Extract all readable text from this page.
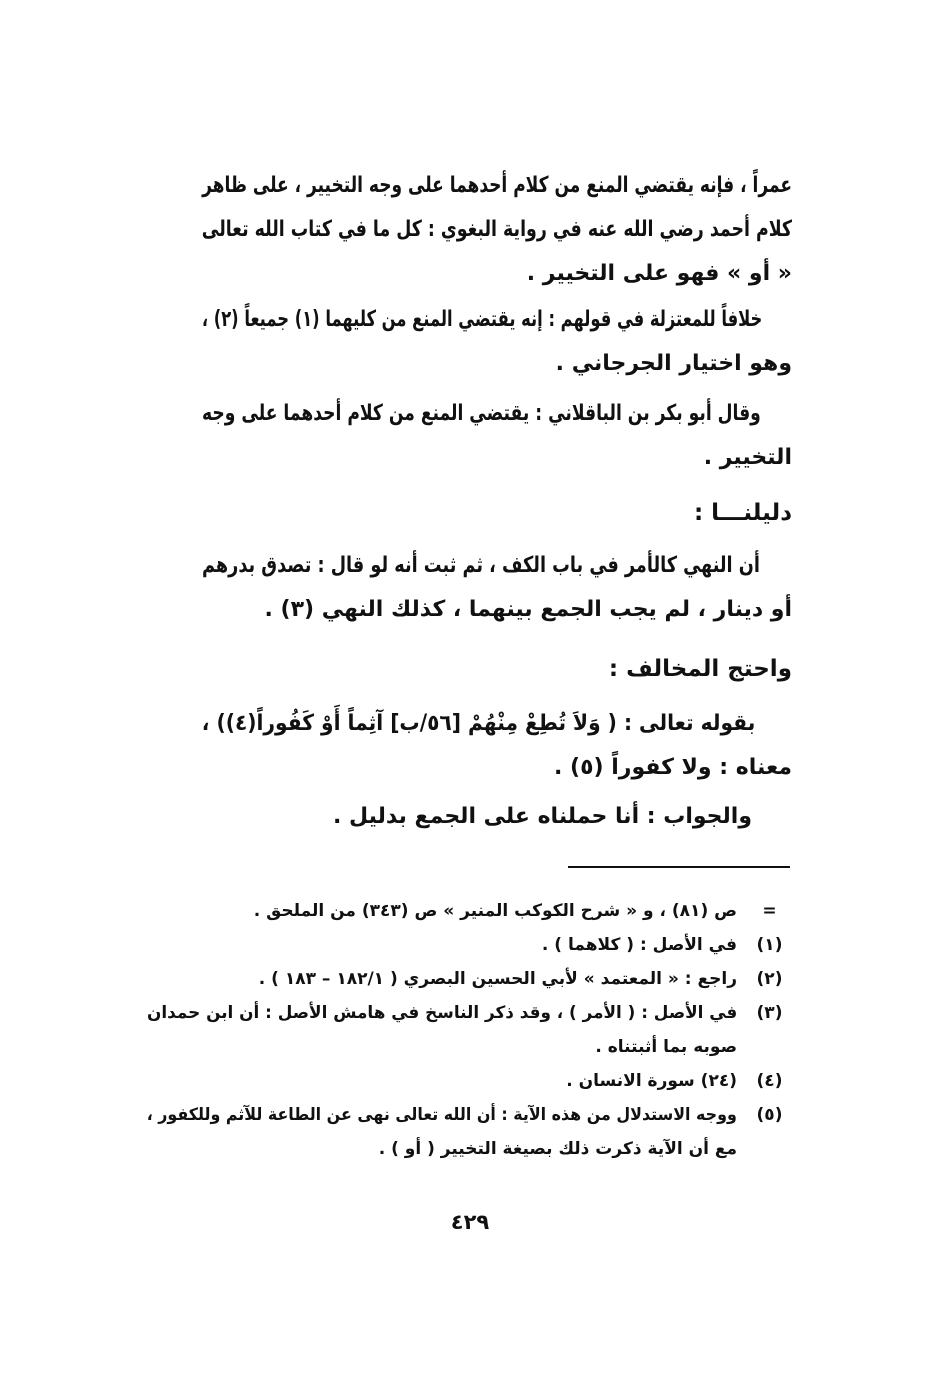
عمراً ، فإنه يقتضي المنع من كلام أحدهما على وجه التخيير ، على ظاهر
كلام أحمد رضي الله عنه في رواية البغوي : كل ما في كتاب الله تعالى
« أو » فهو على التخيير .
خلافاً للمعتزلة في قولهم : إنه يقتضي المنع من كليهما (١) جميعاً (٢) ،
وهو اختيار الجرجاني .
وقال أبو بكر بن الباقلاني : يقتضي المنع من كلام أحدهما على وجه
التخيير .
دليلنـــا :
أن النهي كالأمر في باب الكف ، ثم ثبت أنه لو قال : تصدق بدرهم
أو دينار ، لم يجب الجمع بينهما ، كذلك النهي (٣) .
واحتج المخالف :
بقوله تعالى : ( وَلاَ تُطِعْ مِنْهُمْ [٥٦/ب] آثِماً أَوْ كَفُوراً(٤)) ،
معناه : ولا كفوراً (٥) .
والجواب : أنا حملناه على الجمع بدليل .
=
ص (٨١) ، و « شرح الكوكب المنير » ص (٣٤٣) من الملحق .
(١)
في الأصل : ( كلاهما ) .
(٢)
راجع : « المعتمد » لأبي الحسين البصري ( ١٨٢/١ – ١٨٣ ) .
(٣)
في الأصل : ( الأمر ) ، وقد ذكر الناسخ في هامش الأصل : أن ابن حمدان
صوبه بما أثبتناه .
(٤)
(٢٤) سورة الانسان .
(٥)
ووجه الاستدلال من هذه الآية : أن الله تعالى نهى عن الطاعة للآثم وللكفور ،
مع أن الآية ذكرت ذلك بصيغة التخيير ( أو ) .
٤٢٩
